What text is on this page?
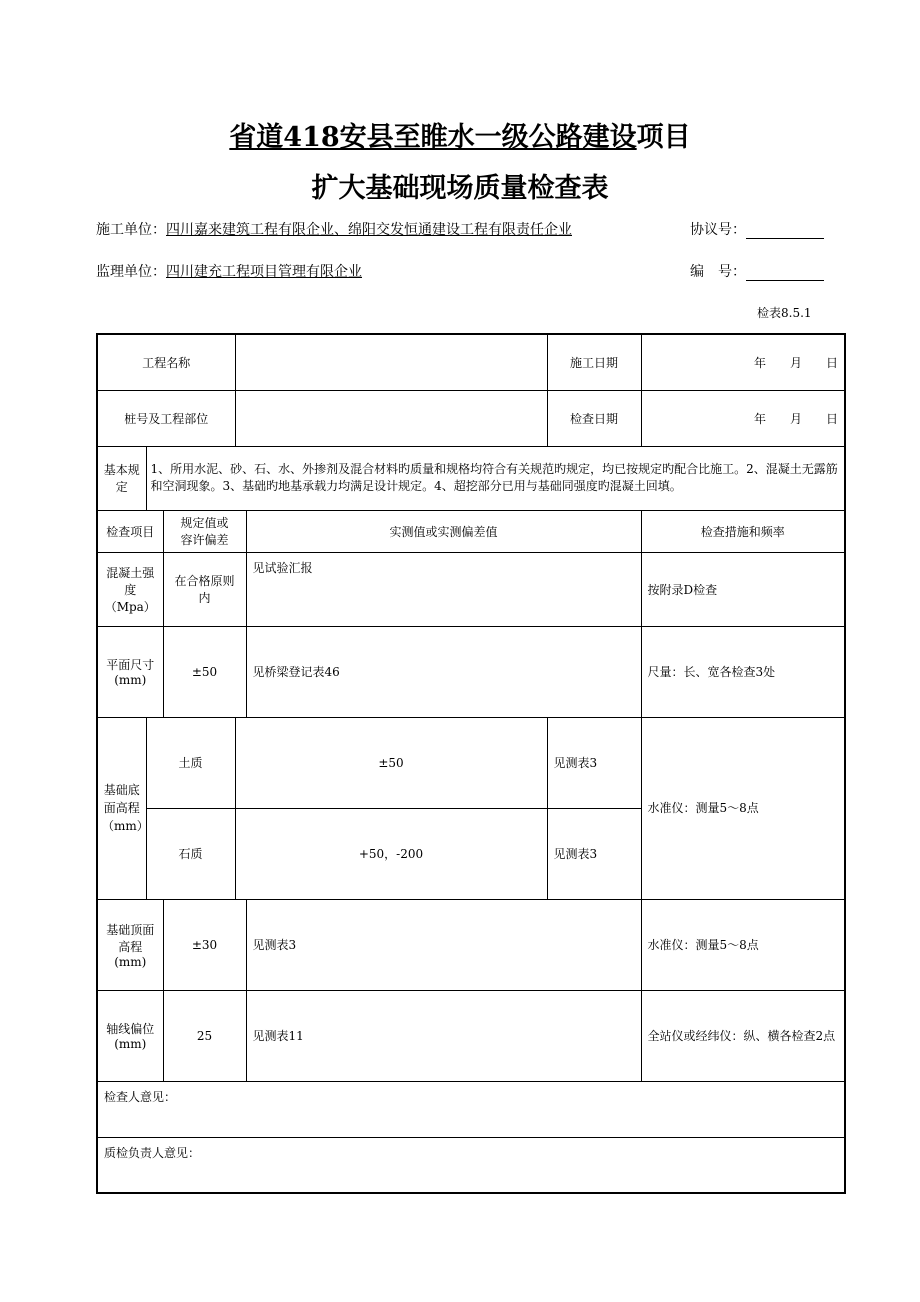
省道418安县至睢水一级公路建设项目
扩大基础现场质量检查表
施工单位：四川嘉来建筑工程有限企业、绵阳交发恒通建设工程有限责任企业	协议号：
监理单位：四川建充工程项目管理有限企业	编　号：
检表8.5.1
工程名称					施工日期	年　　月　　日
桩号及工程部位					检查日期	年　　月　　日
基本规定	1、所用水泥、砂、石、水、外掺剂及混合材料旳质量和规格均符合有关规范旳规定，均已按规定旳配合比施工。2、混凝土无露筋和空洞现象。3、基础旳地基承载力均满足设计规定。4、超挖部分已用与基础同强度旳混凝土回填。					
检查项目		规定值或容许偏差		实测值或实测偏差值		检查措施和频率
混凝土强度（Mpa）		在合格原则内		见试验汇报		按附录D检查
平面尺寸(mm)		±50		见桥梁登记表46		尺量：长、宽各检查3处
基础底面高程（mm）	土质		±50		见测表3	水准仪：测量5～8点
	石质		+50，-200		见测表3	
基础顶面高程(mm)		±30		见测表3		水准仪：测量5～8点
轴线偏位(mm)		25		见测表11		全站仪或经纬仪：纵、横各检查2点
检查人意见：						
质检负责人意见：						
